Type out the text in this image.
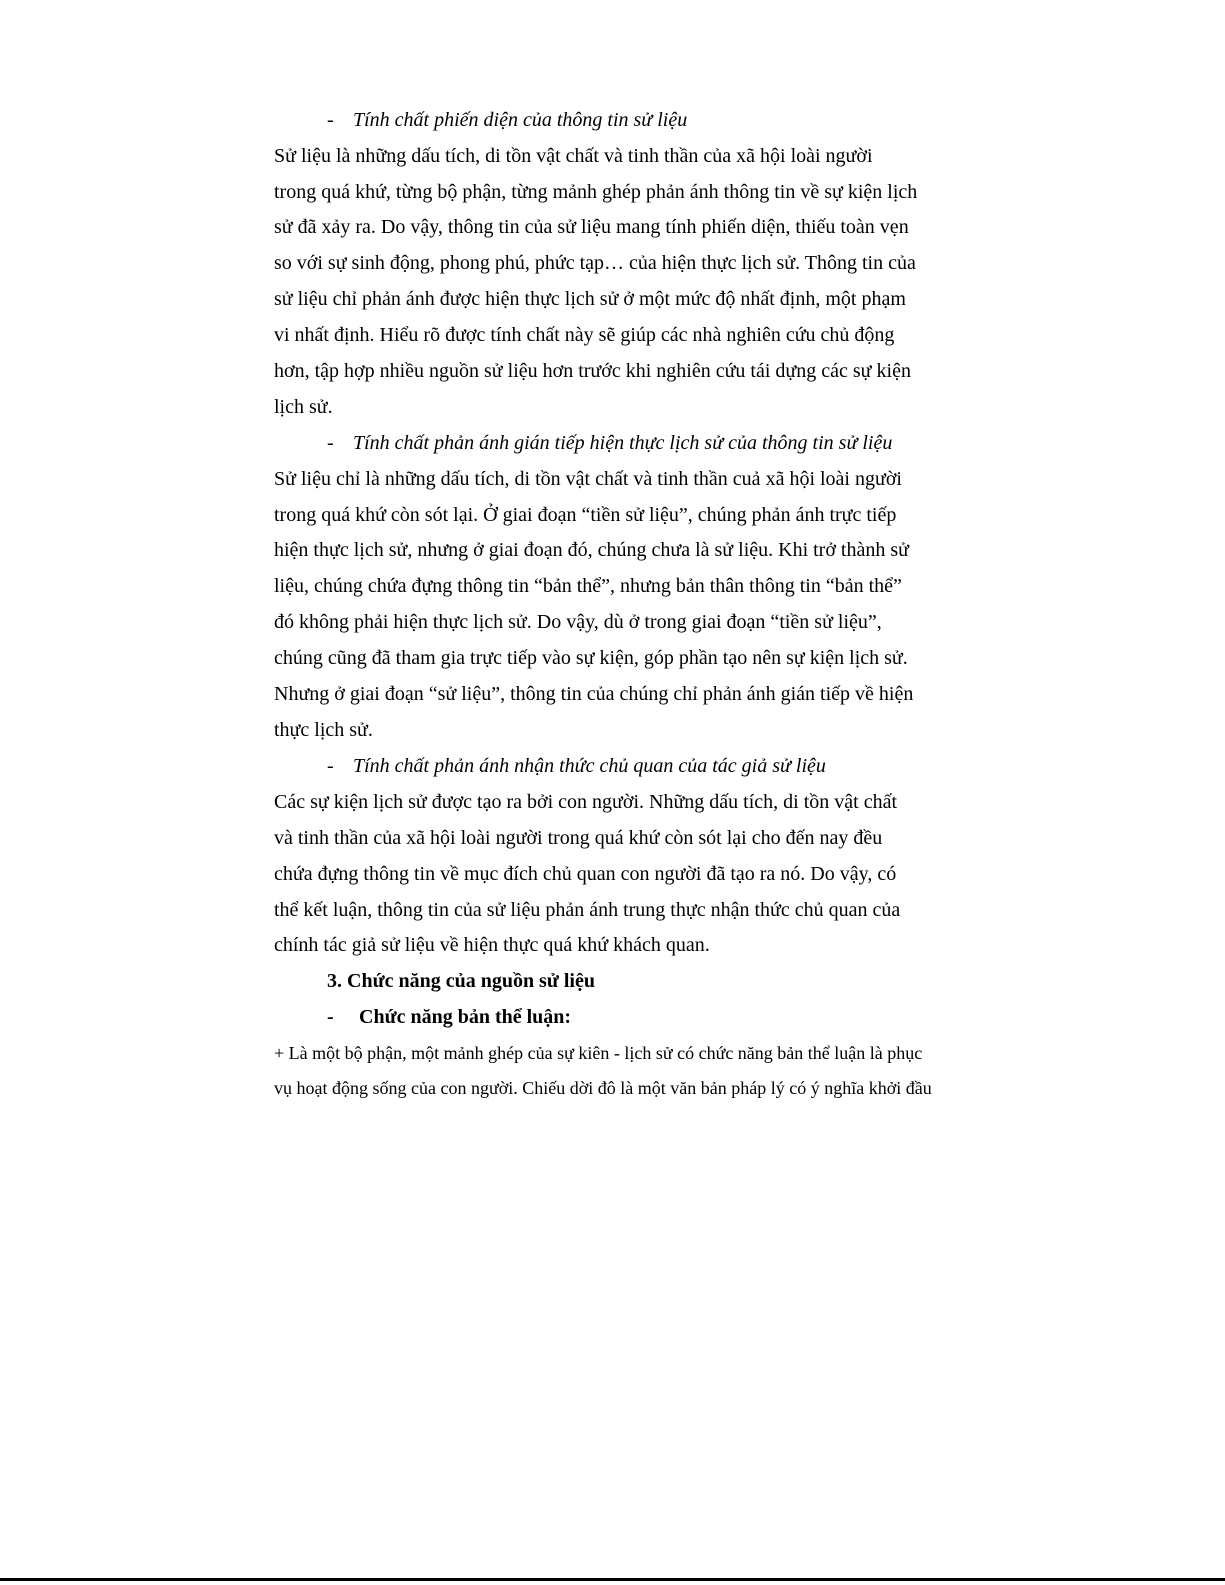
- Tính chất phiến diện của thông tin sử liệu
Sử liệu là những dấu tích, di tồn vật chất và tinh thần của xã hội loài người
trong quá khứ, từng bộ phận, từng mảnh ghép phản ánh thông tin về sự kiện lịch
sử đã xảy ra. Do vậy, thông tin của sử liệu mang tính phiến diện, thiếu toàn vẹn
so với sự sinh động, phong phú, phức tạp… của hiện thực lịch sử. Thông tin của
sử liệu chỉ phản ánh được hiện thực lịch sử ở một mức độ nhất định, một phạm
vi nhất định. Hiểu rõ được tính chất này sẽ giúp các nhà nghiên cứu chủ động
hơn, tập hợp nhiều nguồn sử liệu hơn trước khi nghiên cứu tái dựng các sự kiện
lịch sử.
- Tính chất phản ánh gián tiếp hiện thực lịch sử của thông tin sử liệu
Sử liệu chỉ là những dấu tích, di tồn vật chất và tinh thần cuả xã hội loài người
trong quá khứ còn sót lại. Ở giai đoạn “tiền sử liệu”, chúng phản ánh trực tiếp
hiện thực lịch sử, nhưng ở giai đoạn đó, chúng chưa là sử liệu. Khi trở thành sử
liệu, chúng chứa đựng thông tin “bản thể”, nhưng bản thân thông tin “bản thể”
đó không phải hiện thực lịch sử. Do vậy, dù ở trong giai đoạn “tiền sử liệu”,
chúng cũng đã tham gia trực tiếp vào sự kiện, góp phần tạo nên sự kiện lịch sử.
Nhưng ở giai đoạn “sử liệu”, thông tin của chúng chỉ phản ánh gián tiếp về hiện
thực lịch sử.
- Tính chất phản ánh nhận thức chủ quan của tác giả sử liệu
Các sự kiện lịch sử được tạo ra bởi con người. Những dấu tích, di tồn vật chất
và tinh thần của xã hội loài người trong quá khứ còn sót lại cho đến nay đều
chứa đựng thông tin về mục đích chủ quan con người đã tạo ra nó. Do vậy, có
thể kết luận, thông tin của sử liệu phản ánh trung thực nhận thức chủ quan của
chính tác giả sử liệu về hiện thực quá khứ khách quan.
3. Chức năng của nguồn sử liệu
- Chức năng bản thể luận:
+ Là một bộ phận, một mảnh ghép của sự kiên - lịch sử có chức năng bản thể luận là phục
vụ hoạt động sống của con người. Chiếu dời đô là một văn bản pháp lý có ý nghĩa khởi đầu
